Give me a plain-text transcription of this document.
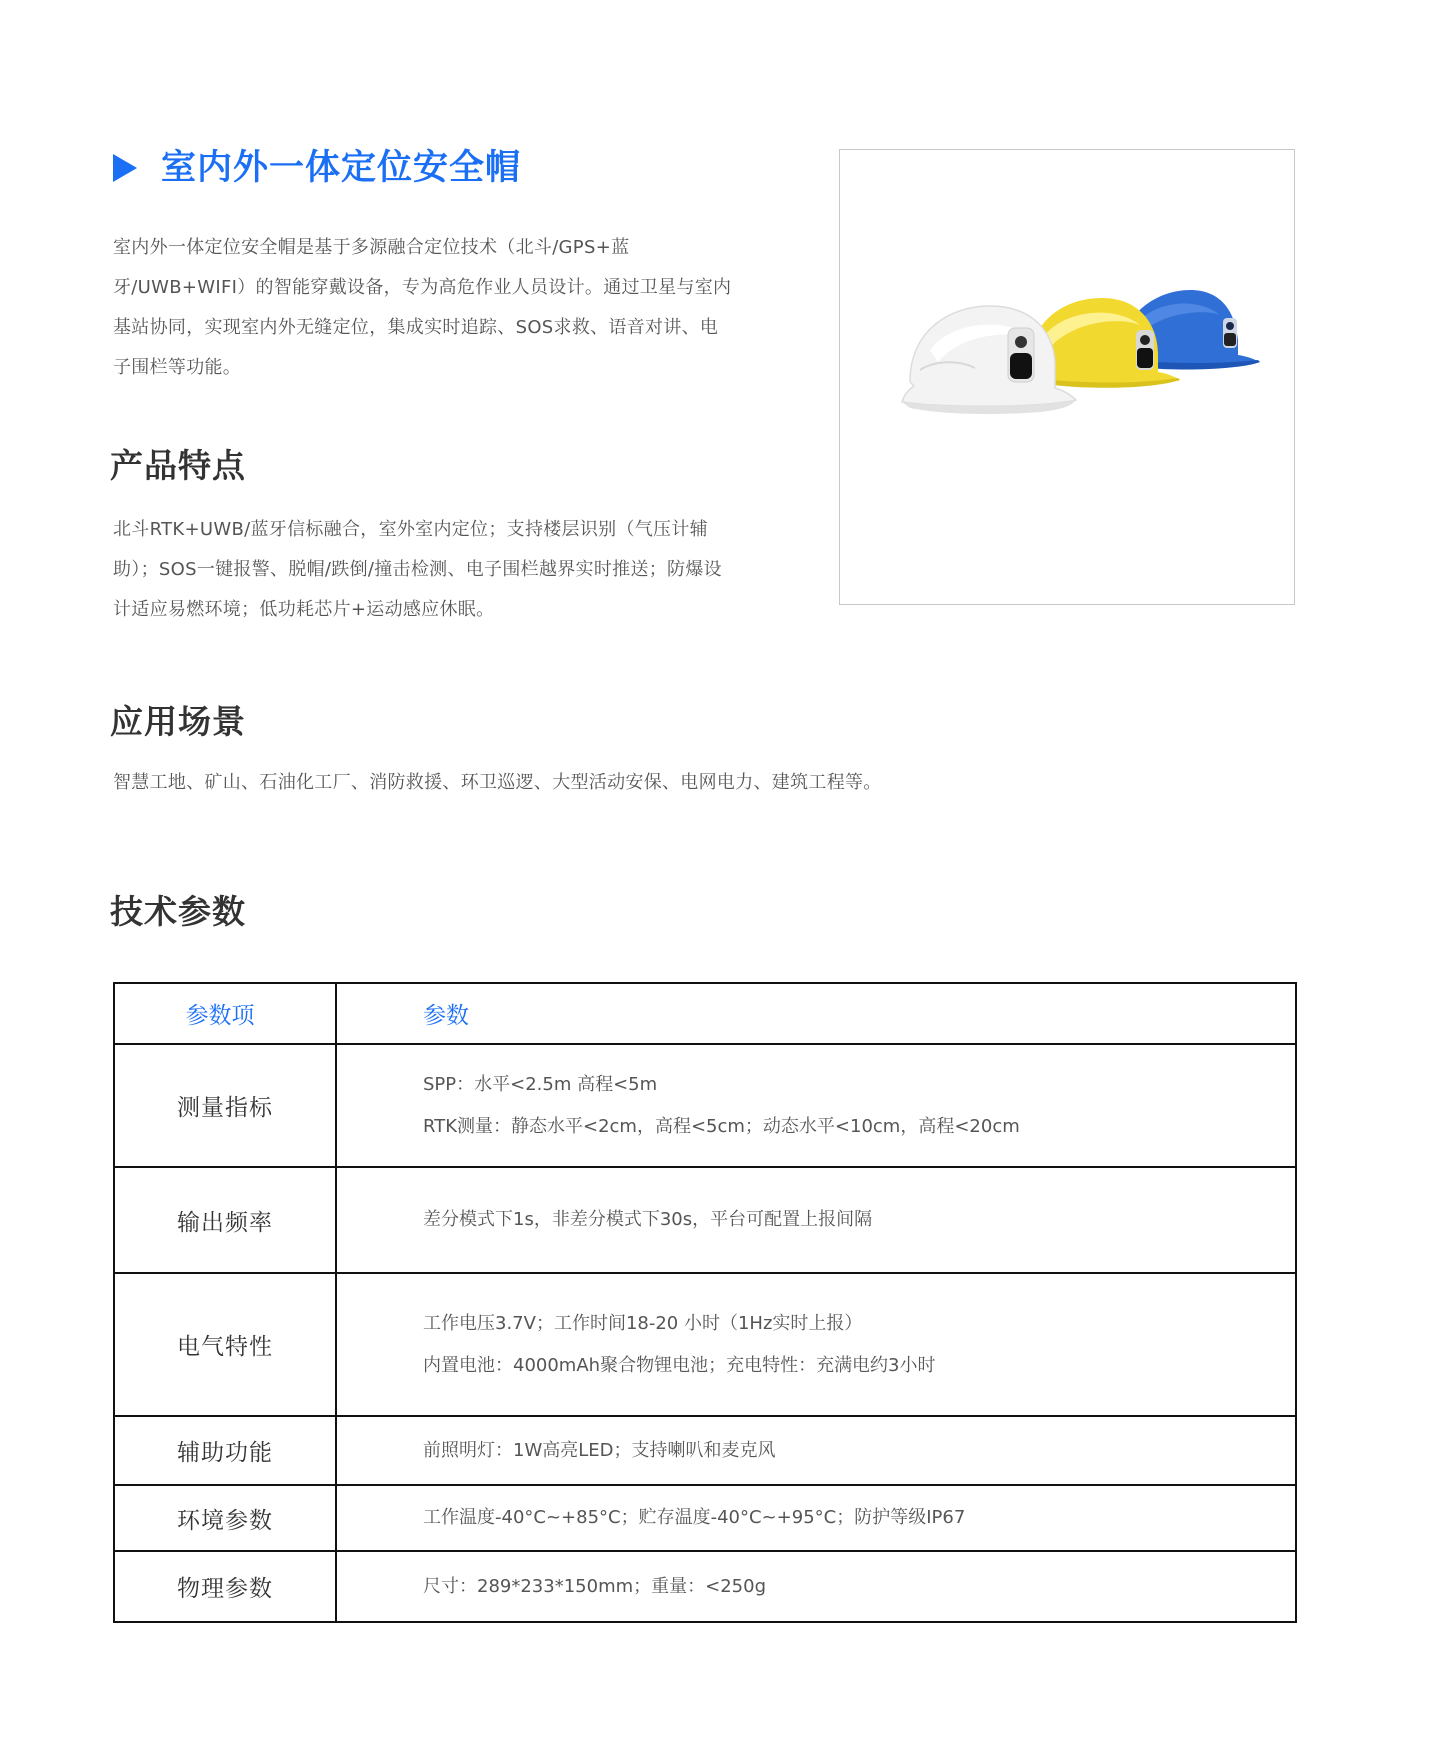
室内外一体定位安全帽

室内外一体定位安全帽是基于多源融合定位技术（北斗/GPS+蓝牙/UWB+WIFI）的智能穿戴设备，专为高危作业人员设计。通过卫星与室内基站协同，实现室内外无缝定位，集成实时追踪、SOS求救、语音对讲、电子围栏等功能。

产品特点

北斗RTK+UWB/蓝牙信标融合，室外室内定位；支持楼层识别（气压计辅助）；SOS一键报警、脱帽/跌倒/撞击检测、电子围栏越界实时推送；防爆设计适应易燃环境；低功耗芯片+运动感应休眠。

应用场景

智慧工地、矿山、石油化工厂、消防救援、环卫巡逻、大型活动安保、电网电力、建筑工程等。

技术参数
参数项	参数
测量指标	SPP：水平<2.5m 高程<5m
RTK测量：静态水平<2cm，高程<5cm；动态水平<10cm，高程<20cm

输出频率	差分模式下1s，非差分模式下30s，平台可配置上报间隔

电气特性	工作电压3.7V；工作时间18-20 小时（1Hz实时上报）
内置电池：4000mAh聚合物锂电池；充电特性：充满电约3小时

辅助功能	前照明灯：1W高亮LED；支持喇叭和麦克风

环境参数	工作温度-40°C~+85°C；贮存温度-40°C~+95°C；防护等级IP67

物理参数	尺寸：289*233*150mm；重量：<250g
